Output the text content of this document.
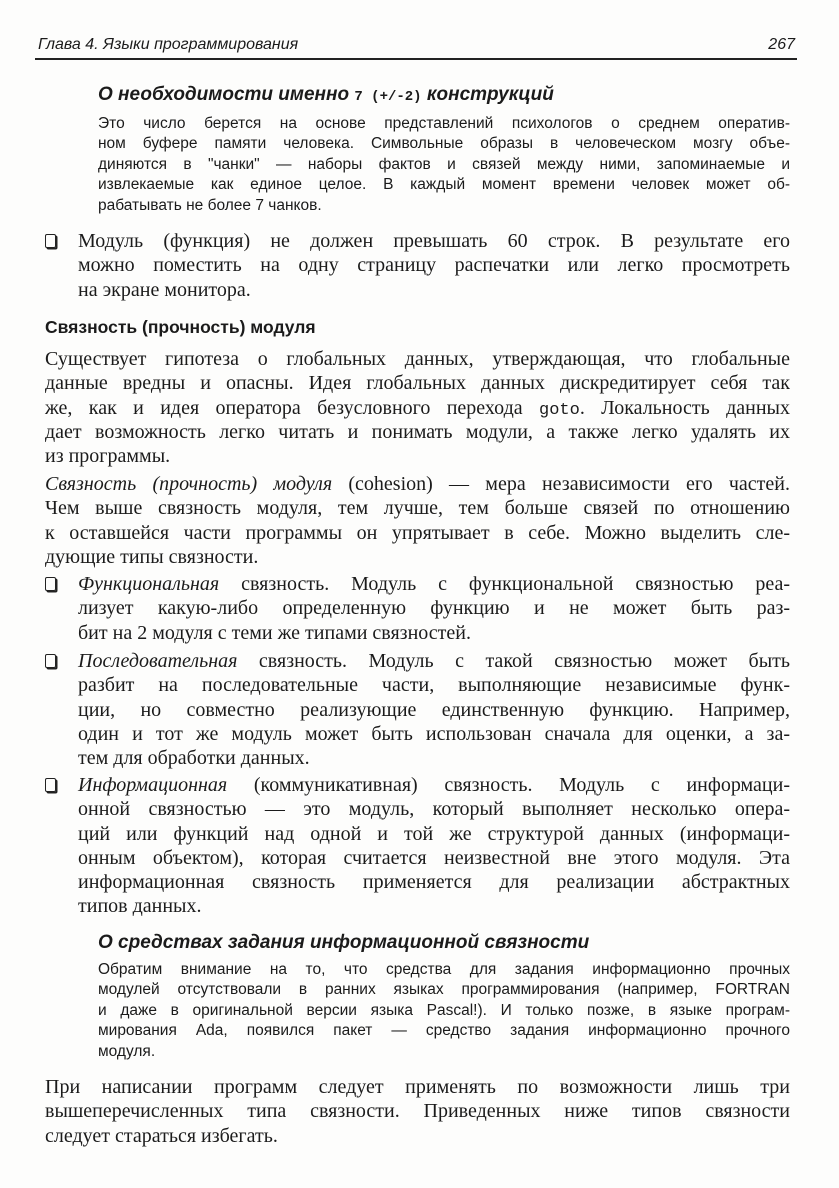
Глава 4. Языки программирования	267
О необходимости именно 7 (+/-2) конструкций
Это число берется на основе представлений психологов о среднем оператив-
ном буфере памяти человека. Символьные образы в человеческом мозгу объе-
диняются в "чанки" — наборы фактов и связей между ними, запоминаемые и
извлекаемые как единое целое. В каждый момент времени человек может об-
рабатывать не более 7 чанков.
Модуль (функция) не должен превышать 60 строк. В результате его
можно поместить на одну страницу распечатки или легко просмотреть
на экране монитора.
Связность (прочность) модуля
Существует гипотеза о глобальных данных, утверждающая, что глобальные
данные вредны и опасны. Идея глобальных данных дискредитирует себя так
же, как и идея оператора безусловного перехода goto. Локальность данных
дает возможность легко читать и понимать модули, а также легко удалять их
из программы.
Связность (прочность) модуля (cohesion) — мера независимости его частей.
Чем выше связность модуля, тем лучше, тем больше связей по отношению
к оставшейся части программы он упрятывает в себе. Можно выделить сле-
дующие типы связности.
Функциональная связность. Модуль с функциональной связностью реа-
лизует какую-либо определенную функцию и не может быть раз-
бит на 2 модуля с теми же типами связностей.
Последовательная связность. Модуль с такой связностью может быть
разбит на последовательные части, выполняющие независимые функ-
ции, но совместно реализующие единственную функцию. Например,
один и тот же модуль может быть использован сначала для оценки, а за-
тем для обработки данных.
Информационная (коммуникативная) связность. Модуль с информаци-
онной связностью — это модуль, который выполняет несколько опера-
ций или функций над одной и той же структурой данных (информаци-
онным объектом), которая считается неизвестной вне этого модуля. Эта
информационная связность применяется для реализации абстрактных
типов данных.
О средствах задания информационной связности
Обратим внимание на то, что средства для задания информационно прочных
модулей отсутствовали в ранних языках программирования (например, FORTRAN
и даже в оригинальной версии языка Pascal!). И только позже, в языке програм-
мирования Ada, появился пакет — средство задания информационно прочного
модуля.
При написании программ следует применять по возможности лишь три
вышеперечисленных типа связности. Приведенных ниже типов связности
следует стараться избегать.
